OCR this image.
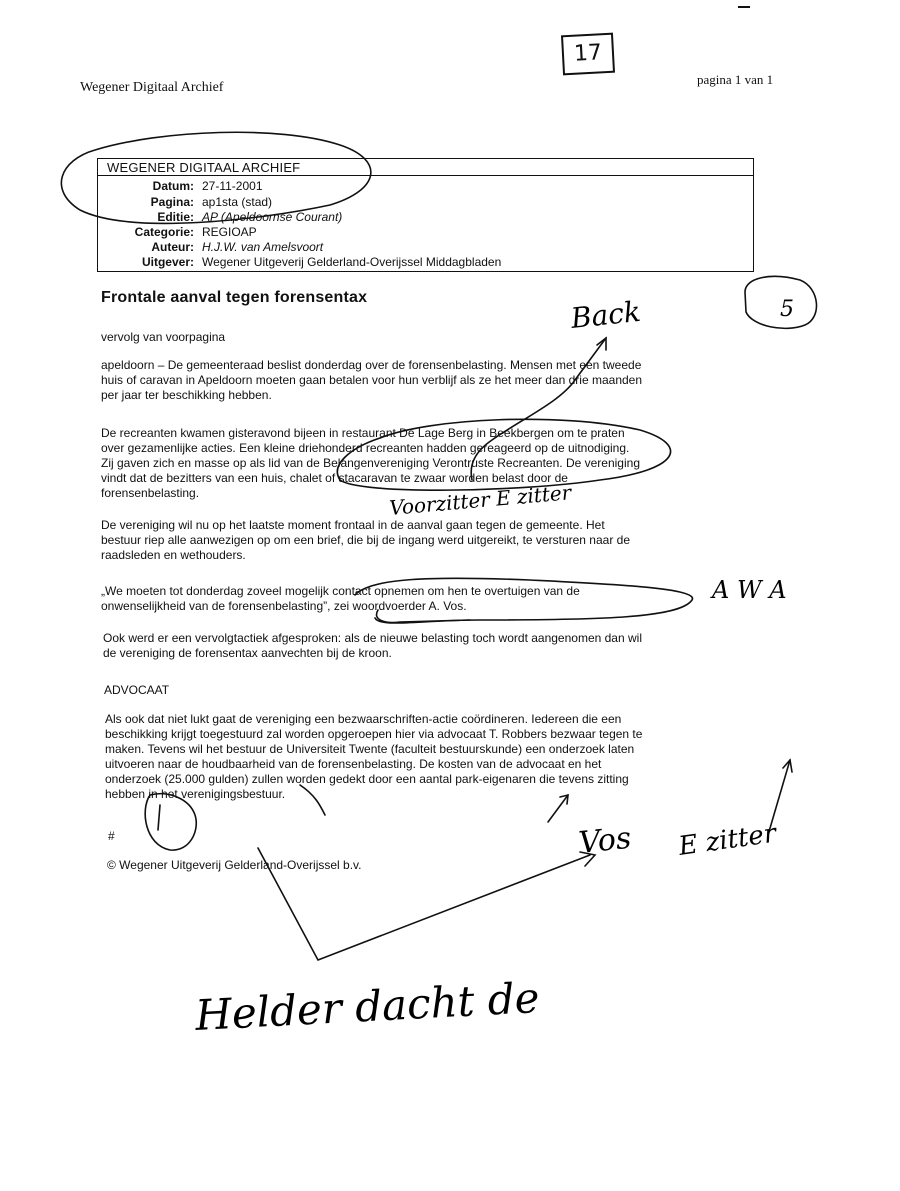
Wegener Digitaal Archief
pagina 1 van 1
17
WEGENER DIGITAAL ARCHIEF
Datum: 27-11-2001
Pagina: ap1sta (stad)
Editie: AP (Apeldoornse Courant)
Categorie: REGIOAP
Auteur: H.J.W. van Amelsvoort
Uitgever: Wegener Uitgeverij Gelderland-Overijssel Middagbladen
Frontale aanval tegen forensentax
vervolg van voorpagina
apeldoorn – De gemeenteraad beslist donderdag over de forensenbelasting. Mensen met een tweede
huis of caravan in Apeldoorn moeten gaan betalen voor hun verblijf als ze het meer dan drie maanden
per jaar ter beschikking hebben.
De recreanten kwamen gisteravond bijeen in restaurant De Lage Berg in Beekbergen om te praten
over gezamenlijke acties. Een kleine driehonderd recreanten hadden gereageerd op de uitnodiging.
Zij gaven zich en masse op als lid van de Belangenvereniging Verontruste Recreanten. De vereniging
vindt dat de bezitters van een huis, chalet of stacaravan te zwaar worden belast door de
forensenbelasting.
De vereniging wil nu op het laatste moment frontaal in de aanval gaan tegen de gemeente. Het
bestuur riep alle aanwezigen op om een brief, die bij de ingang werd uitgereikt, te versturen naar de
raadsleden en wethouders.
„We moeten tot donderdag zoveel mogelijk contact opnemen om hen te overtuigen van de
onwenselijkheid van de forensenbelasting”, zei woordvoerder A. Vos.
Ook werd er een vervolgtactiek afgesproken: als de nieuwe belasting toch wordt aangenomen dan wil
de vereniging de forensentax aanvechten bij de kroon.
ADVOCAAT
Als ook dat niet lukt gaat de vereniging een bezwaarschriften-actie coördineren. Iedereen die een
beschikking krijgt toegestuurd zal worden opgeroepen hier via advocaat T. Robbers bezwaar tegen te
maken. Tevens wil het bestuur de Universiteit Twente (faculteit bestuurskunde) een onderzoek laten
uitvoeren naar de houdbaarheid van de forensenbelasting. De kosten van de advocaat en het
onderzoek (25.000 gulden) zullen worden gedekt door een aantal park-eigenaren die tevens zitting
hebben in het verenigingsbestuur.
#
© Wegener Uitgeverij Gelderland-Overijssel b.v.
Back	5
Voorzitter E zitter
A W A
Vos E zitter
Helder dacht de
